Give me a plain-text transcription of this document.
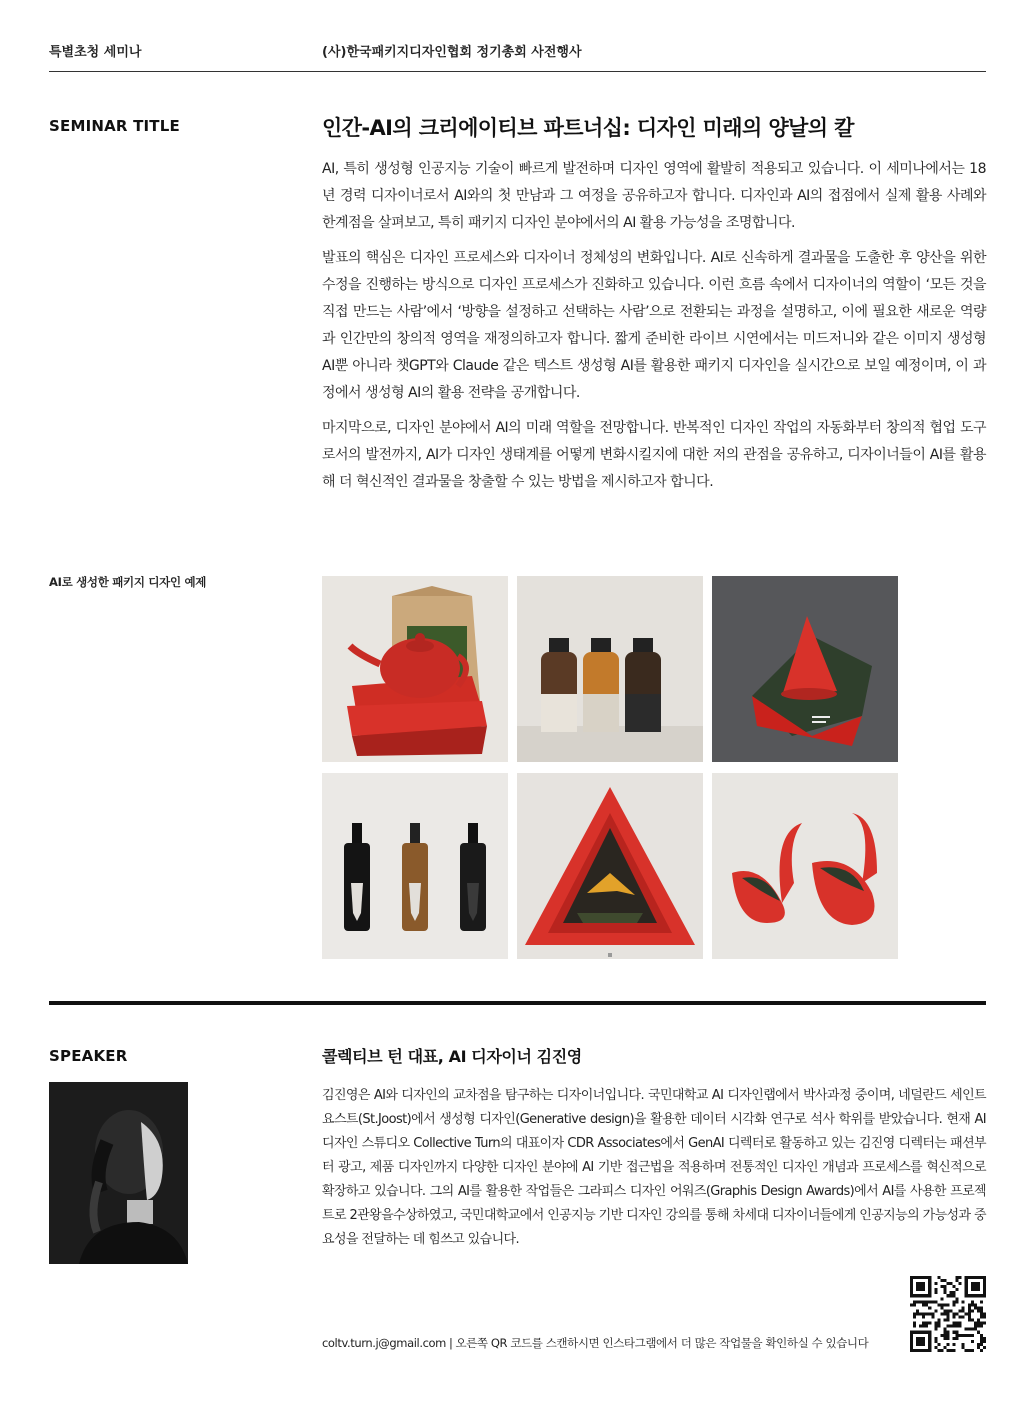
특별초청 세미나	(사)한국패키지디자인협회 정기총회 사전행사
SEMINAR TITLE	인간-AI의 크리에이티브 파트너십: 디자인 미래의 양날의 칼

AI, 특히 생성형 인공지능 기술이 빠르게 발전하며 디자인 영역에 활발히 적용되고 있습니다. 이 세미나에서는 18년 경력 디자이너로서 AI와의 첫 만남과 그 여정을 공유하고자 합니다. 디자인과 AI의 접점에서 실제 활용 사례와 한계점을 살펴보고, 특히 패키지 디자인 분야에서의 AI 활용 가능성을 조명합니다.

발표의 핵심은 디자인 프로세스와 디자이너 정체성의 변화입니다. AI로 신속하게 결과물을 도출한 후 양산을 위한 수정을 진행하는 방식으로 디자인 프로세스가 진화하고 있습니다. 이런 흐름 속에서 디자이너의 역할이 ‘모든 것을 직접 만드는 사람’에서 ‘방향을 설정하고 선택하는 사람’으로 전환되는 과정을 설명하고, 이에 필요한 새로운 역량과 인간만의 창의적 영역을 재정의하고자 합니다. 짧게 준비한 라이브 시연에서는 미드저니와 같은 이미지 생성형 AI뿐 아니라 챗GPT와 Claude 같은 텍스트 생성형 AI를 활용한 패키지 디자인을 실시간으로 보일 예정이며, 이 과정에서 생성형 AI의 활용 전략을 공개합니다.

마지막으로, 디자인 분야에서 AI의 미래 역할을 전망합니다. 반복적인 디자인 작업의 자동화부터 창의적 협업 도구로서의 발전까지, AI가 디자인 생태계를 어떻게 변화시킬지에 대한 저의 관점을 공유하고, 디자이너들이 AI를 활용해 더 혁신적인 결과물을 창출할 수 있는 방법을 제시하고자 합니다.

AI로 생성한 패키지 디자인 예제
SPEAKER	콜렉티브 턴 대표, AI 디자이너 김진영
김진영은 AI와 디자인의 교차점을 탐구하는 디자이너입니다. 국민대학교 AI 디자인랩에서 박사과정 중이며, 네덜란드 세인트 요스트(St.Joost)에서 생성형 디자인(Generative design)을 활용한 데이터 시각화 연구로 석사 학위를 받았습니다. 현재 AI 디자인 스튜디오 Collective Turn의 대표이자 CDR Associates에서 GenAI 디렉터로 활동하고 있는 김진영 디렉터는 패션부터 광고, 제품 디자인까지 다양한 디자인 분야에 AI 기반 접근법을 적용하며 전통적인 디자인 개념과 프로세스를 혁신적으로 확장하고 있습니다. 그의 AI를 활용한 작업들은 그라피스 디자인 어워즈(Graphis Design Awards)에서 AI를 사용한 프로젝트로 2관왕을수상하였고, 국민대학교에서 인공지능 기반 디자인 강의를 통해 차세대 디자이너들에게 인공지능의 가능성과 중요성을 전달하는 데 힘쓰고 있습니다.
coltv.turn.j@gmail.com | 오른쪽 QR 코드를 스캔하시면 인스타그램에서 더 많은 작업물을 확인하실 수 있습니다
